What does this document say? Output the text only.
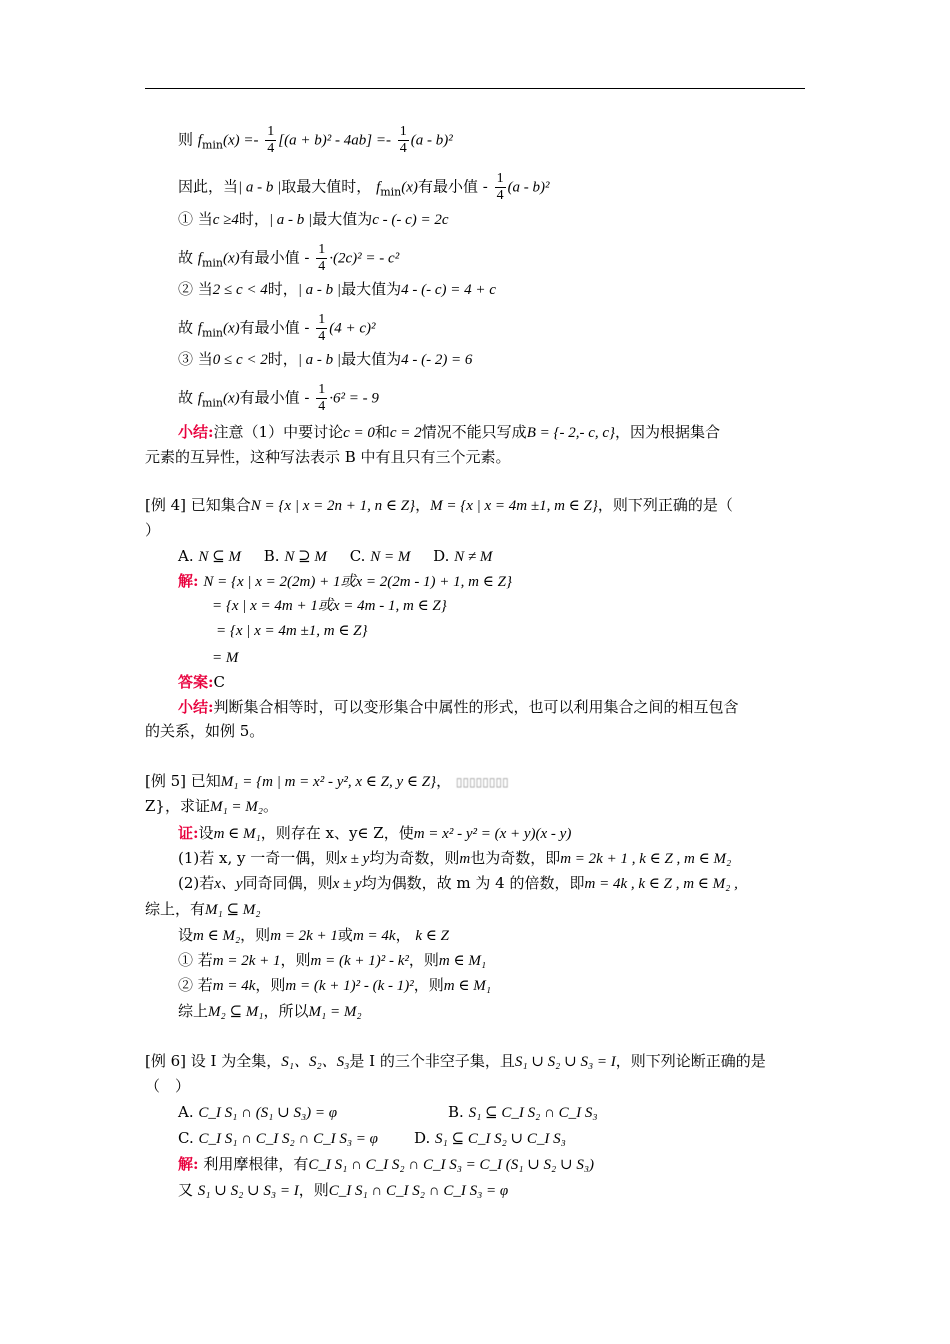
则 $f_{min}(x) =- \frac{1}{4} [(a + b)^2 - 4ab] =- \frac{1}{4} (a - b)^2$
因此，当| a - b |取最大值时， $f_{min}(x)$有最小值 - $\frac{1}{4} (a - b)^2$
① 当c ≥4时，| a - b |最大值为c - (- c) = 2c
故 $f_{min}(x)$有最小值 - $\frac{1}{4} \cdot(2c)^2$ = - c²
② 当2 ≤ c < 4时，| a - b |最大值为4 - (- c) = 4 + c
故 $f_{min}(x)$有最小值 - $\frac{1}{4} (4 + c)^2$
③ 当0 ≤ c < 2时，| a - b |最大值为4 - (- 2) = 6
故 $f_{min}(x)$有最小值 - $\frac{1}{4} \cdot 6^2$ = - 9
小结:注意（1）中要讨论c = 0和c = 2情况不能只写成B = {- 2,- c, c}，因为根据集合
元素的互异性，这种写法表示 B 中有且只有三个元素。
[例 4] 已知集合N = {x | x = 2n + 1, n ∈ Z}，M = {x | x = 4m ±1, m ∈ Z}，则下列正确的是（
）
A. N ⊆ M B. N ⊇ M C. N = M D. N ≠ M
解: N = {x | x = 2(2m) + 1或x = 2(2m - 1) + 1, m ∈ Z}
= {x | x = 4m + 1或x = 4m - 1, m ∈ Z}
= {x | x = 4m ±1, m ∈ Z}
= M
答案:C
小结:判断集合相等时，可以变形集合中属性的形式，也可以利用集合之间的相互包含
的关系，如例 5。
[例 5] 已知M₁ = {m | m = x² - y², x ∈ Z, y ∈ Z}， ▯▯▯▯▯▯▯▯
Z}，求证M₁ = M₂。
证:设m ∈ M₁，则存在 x、y∈ Z，使m = x² - y² = (x + y)(x - y)
(1)若 x, y 一奇一偶，则x ± y均为奇数，则m也为奇数，即m = 2k + 1 , k ∈ Z , m ∈ M₂
(2)若x、y同奇同偶，则x ± y均为偶数，故 m 为 4 的倍数，即m = 4k , k ∈ Z , m ∈ M₂ ,
综上，有M₁ ⊆ M₂
设m ∈ M₂，则m = 2k + 1或m = 4k， k ∈ Z
① 若m = 2k + 1，则m = (k + 1)² - k²，则m ∈ M₁
② 若m = 4k，则m = (k + 1)² - (k - 1)²，则m ∈ M₁
综上M₂ ⊆ M₁，所以M₁ = M₂
[例 6] 设 I 为全集，S₁、S₂、S₃是 I 的三个非空子集，且S₁ ∪ S₂ ∪ S₃ = I，则下列论断正确的是
（　）
A. C_I S₁ ∩ (S₁ ∪ S₃) = φ	B. S₁ ⊆ C_I S₂ ∩ C_I S₃
C. C_I S₁ ∩ C_I S₂ ∩ C_I S₃ = φ D. S₁ ⊆ C_I S₂ ∪ C_I S₃
解: 利用摩根律，有C_I S₁ ∩ C_I S₂ ∩ C_I S₃ = C_I (S₁ ∪ S₂ ∪ S₃)
又 S₁ ∪ S₂ ∪ S₃ = I，则C_I S₁ ∩ C_I S₂ ∩ C_I S₃ = φ
